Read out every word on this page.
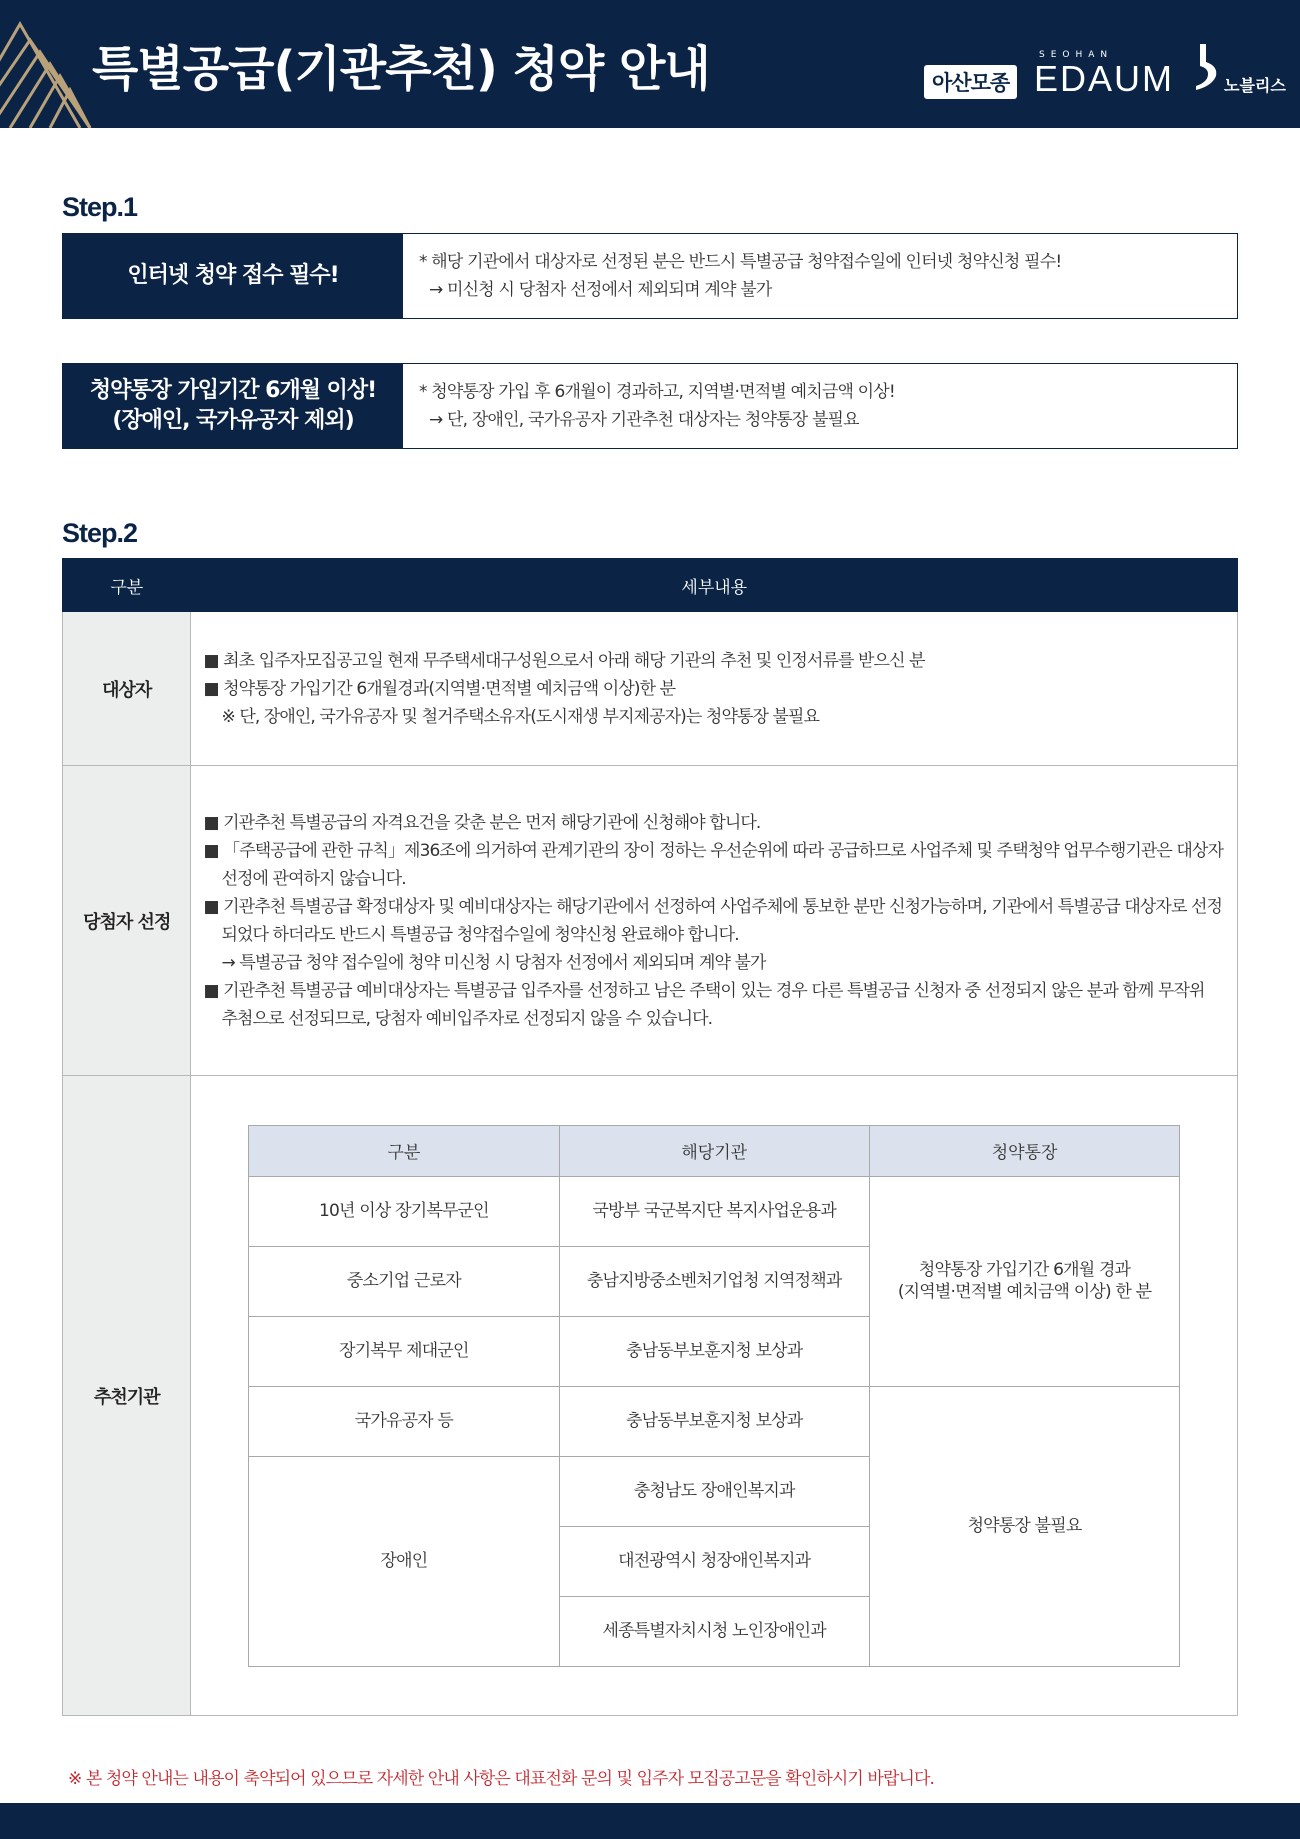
특별공급(기관추천) 청약 안내	아산모종
SEOHAN
EDAUM	노블리스
Step.1
인터넷 청약 접수 필수!
* 해당 기관에서 대상자로 선정된 분은 반드시 특별공급 청약접수일에 인터넷 청약신청 필수!
→ 미신청 시 당첨자 선정에서 제외되며 계약 불가
청약통장 가입기간 6개월 이상!
(장애인, 국가유공자 제외)
* 청약통장 가입 후 6개월이 경과하고, 지역별·면적별 예치금액 이상!
→ 단, 장애인, 국가유공자 기관추천 대상자는 청약통장 불필요
Step.2
구분	세부내용
대상자	
■ 최초 입주자모집공고일 현재 무주택세대구성원으로서 아래 해당 기관의 추천 및 인정서류를 받으신 분
■ 청약통장 가입기간 6개월경과(지역별·면적별 예치금액 이상)한 분
※ 단, 장애인, 국가유공자 및 철거주택소유자(도시재생 부지제공자)는 청약통장 불필요

당첨자 선정	
■ 기관추천 특별공급의 자격요건을 갖춘 분은 먼저 해당기관에 신청해야 합니다.
■ 「주택공급에 관한 규칙」제36조에 의거하여 관계기관의 장이 정하는 우선순위에 따라 공급하므로 사업주체 및 주택청약 업무수행기관은 대상자
선정에 관여하지 않습니다.
■ 기관추천 특별공급 확정대상자 및 예비대상자는 해당기관에서 선정하여 사업주체에 통보한 분만 신청가능하며, 기관에서 특별공급 대상자로 선정
되었다 하더라도 반드시 특별공급 청약접수일에 청약신청 완료해야 합니다.
→ 특별공급 청약 접수일에 청약 미신청 시 당첨자 선정에서 제외되며 계약 불가
■ 기관추천 특별공급 예비대상자는 특별공급 입주자를 선정하고 남은 주택이 있는 경우 다른 특별공급 신청자 중 선정되지 않은 분과 함께 무작위
추첨으로 선정되므로, 당첨자 예비입주자로 선정되지 않을 수 있습니다.

추천기관	
구분	해당기관	청약통장
10년 이상 장기복무군인	국방부 국군복지단 복지사업운용과	청약통장 가입기간 6개월 경과
(지역별·면적별 예치금액 이상) 한 분
중소기업 근로자	충남지방중소벤처기업청 지역정책과
장기복무 제대군인	충남동부보훈지청 보상과
국가유공자 등	충남동부보훈지청 보상과	청약통장 불필요
장애인	충청남도 장애인복지과
대전광역시 청장애인복지과
세종특별자치시청 노인장애인과
※ 본 청약 안내는 내용이 축약되어 있으므로 자세한 안내 사항은 대표전화 문의 및 입주자 모집공고문을 확인하시기 바랍니다.
